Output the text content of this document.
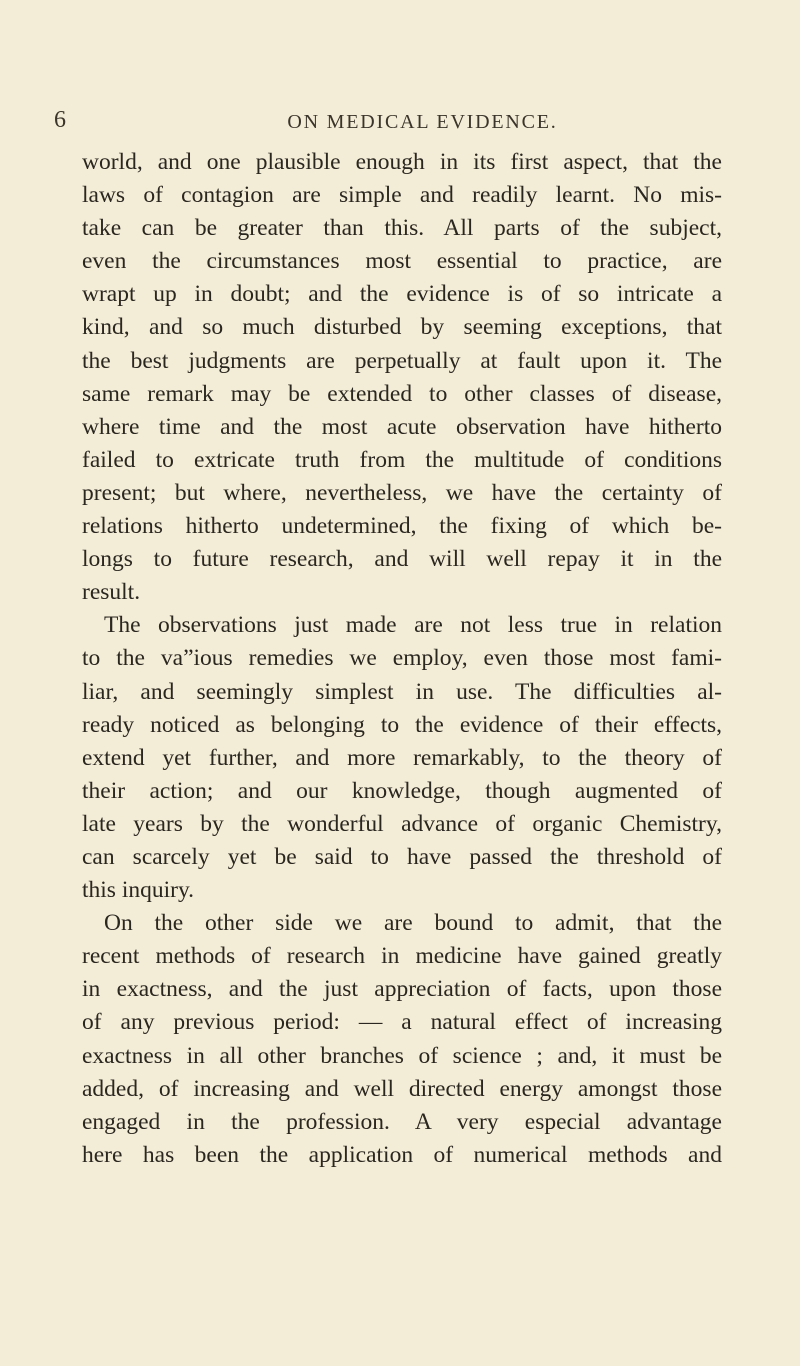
6	ON MEDICAL EVIDENCE.
world, and one plausible enough in its first aspect, that the
laws of contagion are simple and readily learnt. No mis-
take can be greater than this. All parts of the subject,
even the circumstances most essential to practice, are
wrapt up in doubt; and the evidence is of so intricate a
kind, and so much disturbed by seeming exceptions, that
the best judgments are perpetually at fault upon it. The
same remark may be extended to other classes of disease,
where time and the most acute observation have hitherto
failed to extricate truth from the multitude of conditions
present; but where, nevertheless, we have the certainty of
relations hitherto undetermined, the fixing of which be-
longs to future research, and will well repay it in the
result.
The observations just made are not less true in relation
to the va”ious remedies we employ, even those most fami-
liar, and seemingly simplest in use. The difficulties al-
ready noticed as belonging to the evidence of their effects,
extend yet further, and more remarkably, to the theory of
their action; and our knowledge, though augmented of
late years by the wonderful advance of organic Chemistry,
can scarcely yet be said to have passed the threshold of
this inquiry.
On the other side we are bound to admit, that the
recent methods of research in medicine have gained greatly
in exactness, and the just appreciation of facts, upon those
of any previous period: — a natural effect of increasing
exactness in all other branches of science ; and, it must be
added, of increasing and well directed energy amongst those
engaged in the profession. A very especial advantage
here has been the application of numerical methods and
